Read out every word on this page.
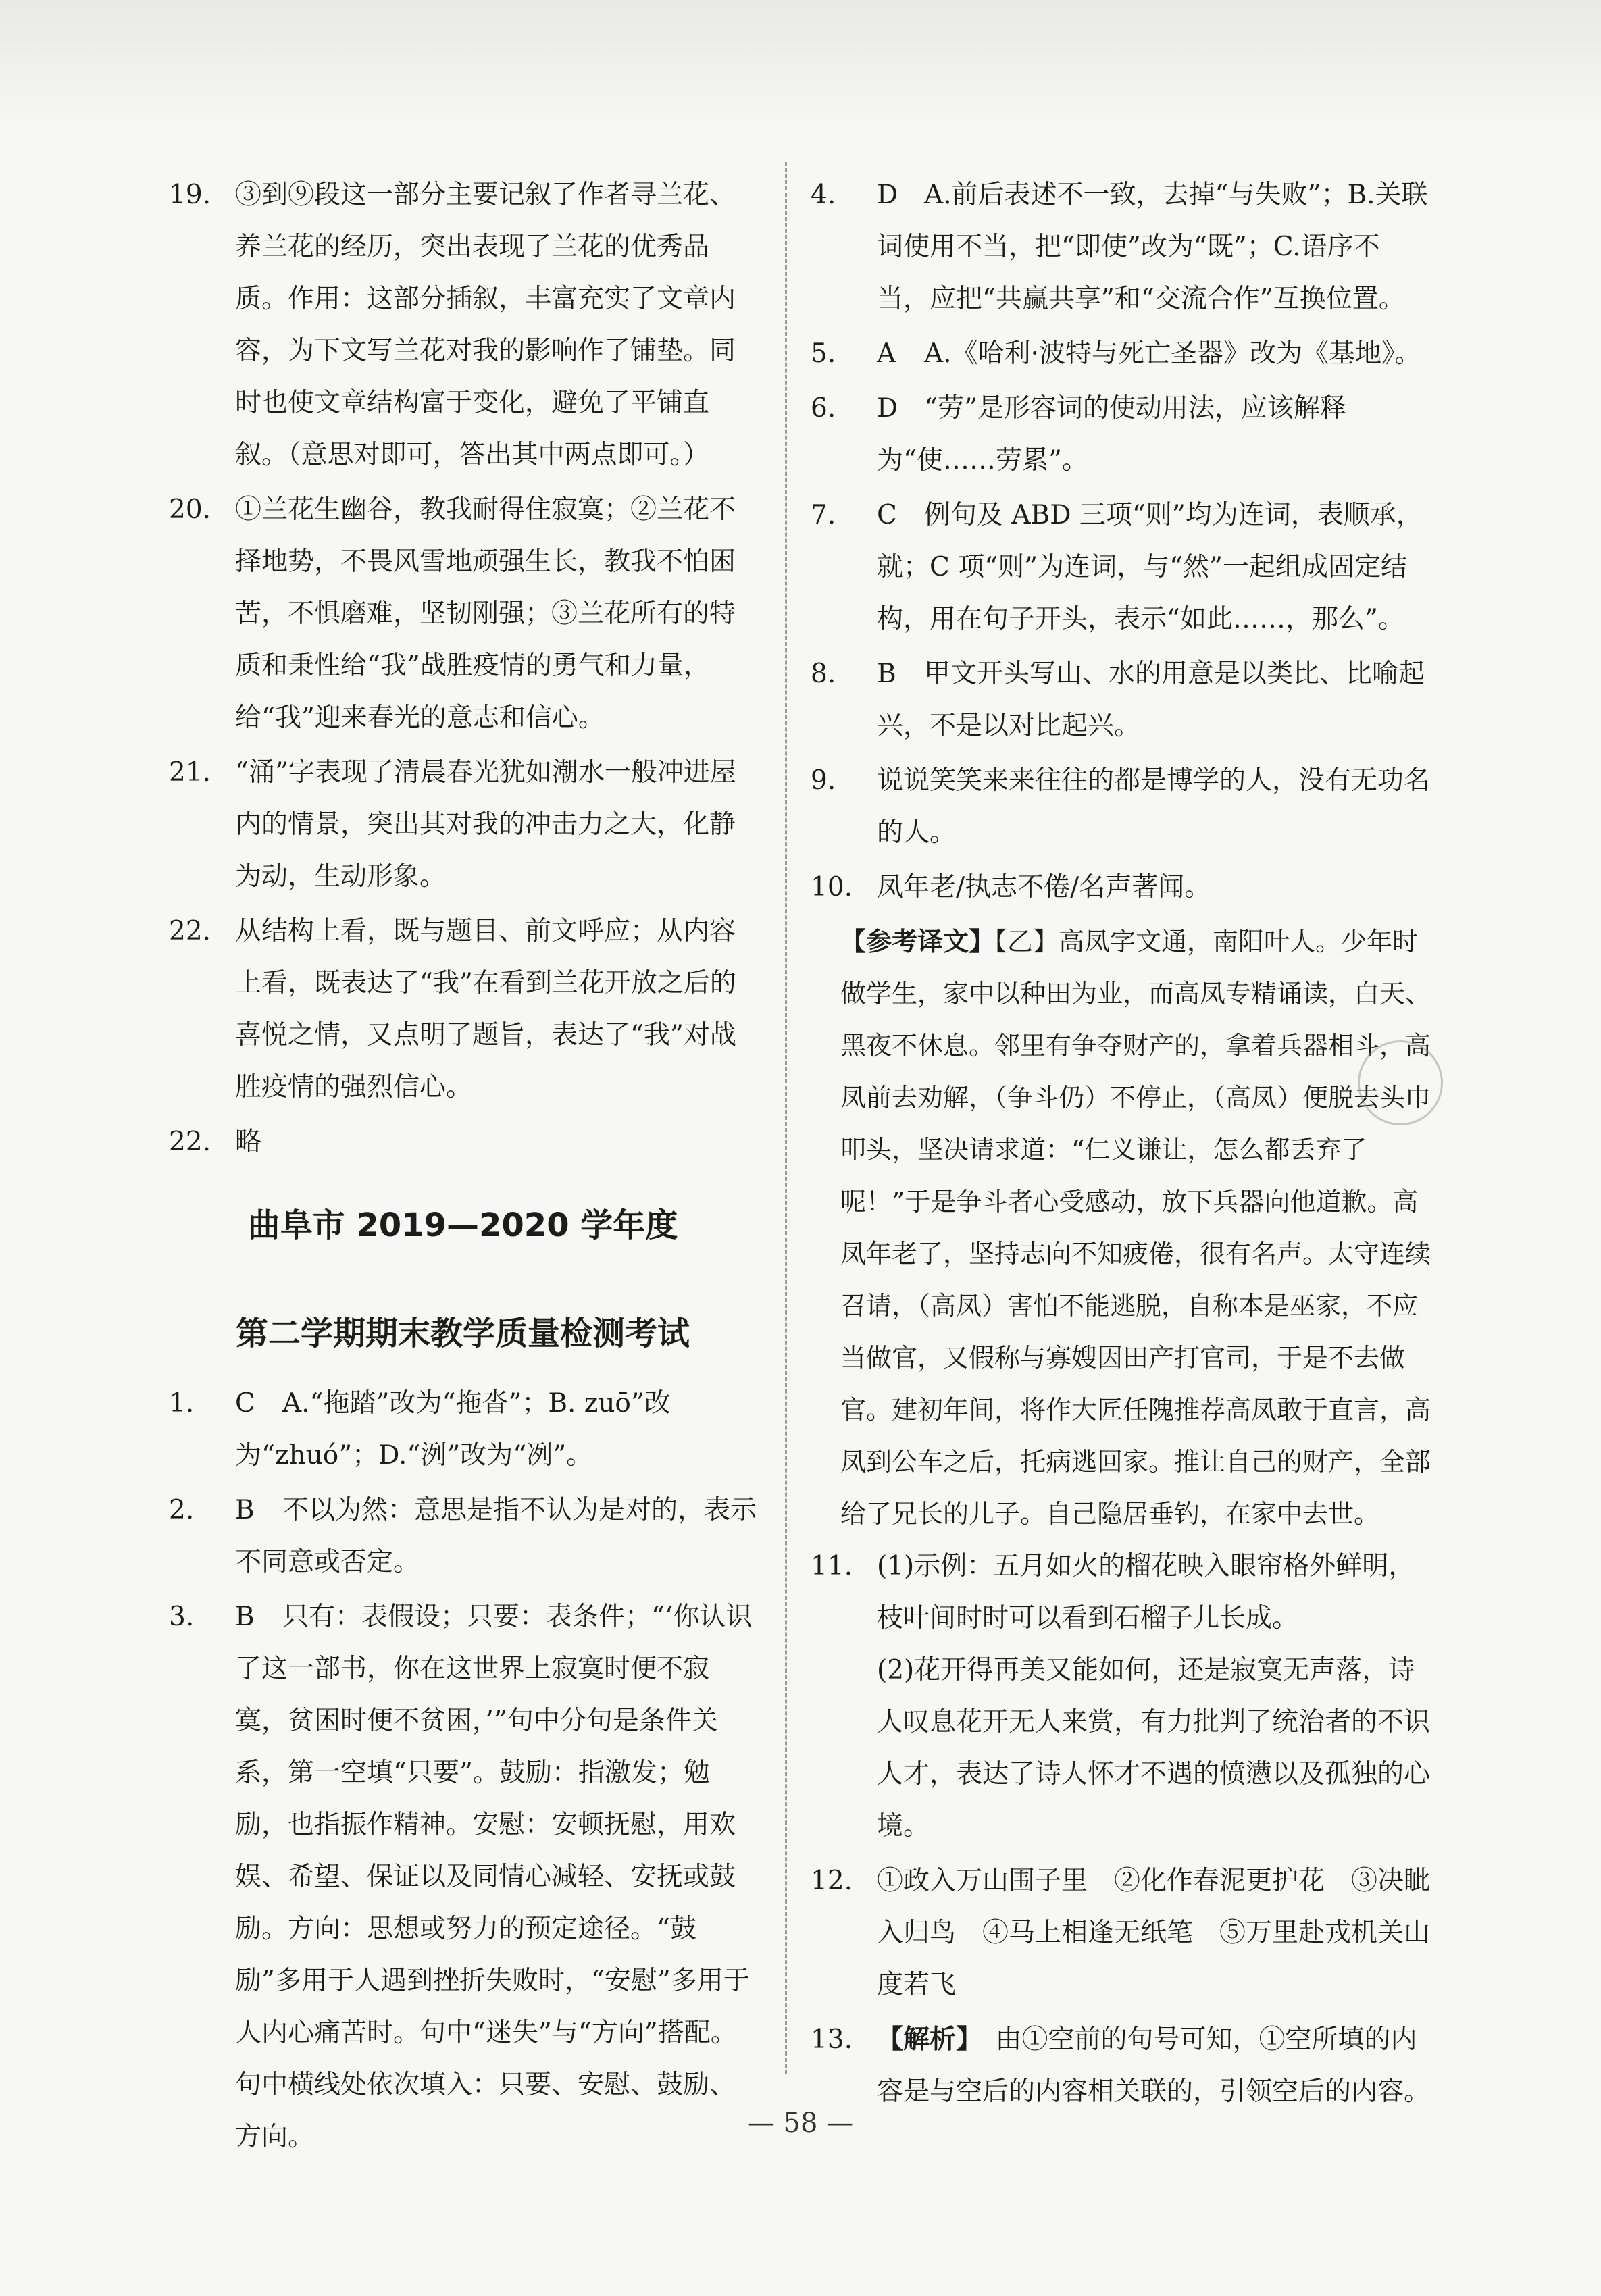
19. ③到⑨段这一部分主要记叙了作者寻兰花、养兰花的经历，突出表现了兰花的优秀品质。作用：这部分插叙，丰富充实了文章内容，为下文写兰花对我的影响作了铺垫。同时也使文章结构富于变化，避免了平铺直叙。（意思对即可，答出其中两点即可。）
20. ①兰花生幽谷，教我耐得住寂寞；②兰花不择地势，不畏风雪地顽强生长，教我不怕困苦，不惧磨难，坚韧刚强；③兰花所有的特质和秉性给“我”战胜疫情的勇气和力量，给“我”迎来春光的意志和信心。
21. “涌”字表现了清晨春光犹如潮水一般冲进屋内的情景，突出其对我的冲击力之大，化静为动，生动形象。
22. 从结构上看，既与题目、前文呼应；从内容上看，既表达了“我”在看到兰花开放之后的喜悦之情，又点明了题旨，表达了“我”对战胜疫情的强烈信心。
22. 略
曲阜市 2019—2020 学年度
第二学期期末教学质量检测考试
1. C A.“拖踏”改为“拖沓”；B. zuō”改为“zhuó”；D.“洌”改为“冽”。
2. B 不以为然：意思是指不认为是对的，表示不同意或否定。
3. B 只有：表假设；只要：表条件；“‘你认识了这一部书，你在这世界上寂寞时便不寂寞，贫困时便不贫困，’”句中分句是条件关系，第一空填“只要”。鼓励：指激发；勉励，也指振作精神。安慰：安顿抚慰，用欢娱、希望、保证以及同情心减轻、安抚或鼓励。方向：思想或努力的预定途径。“鼓励”多用于人遇到挫折失败时，“安慰”多用于人内心痛苦时。句中“迷失”与“方向”搭配。句中横线处依次填入：只要、安慰、鼓励、方向。
4. D A.前后表述不一致，去掉“与失败”；B.关联词使用不当，把“即使”改为“既”；C.语序不当，应把“共赢共享”和“交流合作”互换位置。
5. A A.《哈利·波特与死亡圣器》改为《基地》。
6. D “劳”是形容词的使动用法，应该解释为“使……劳累”。
7. C 例句及 ABD 三项“则”均为连词，表顺承，就；C 项“则”为连词，与“然”一起组成固定结构，用在句子开头，表示“如此……，那么”。
8. B 甲文开头写山、水的用意是以类比、比喻起兴，不是以对比起兴。
9. 说说笑笑来来往往的都是博学的人，没有无功名的人。
10. 凤年老/执志不倦/名声著闻。
【参考译文】【乙】高凤字文通，南阳叶人。少年时做学生，家中以种田为业，而高凤专精诵读，白天、黑夜不休息。邻里有争夺财产的，拿着兵器相斗，高凤前去劝解，（争斗仍）不停止，（高凤）便脱去头巾叩头，坚决请求道：“仁义谦让，怎么都丢弃了呢！”于是争斗者心受感动，放下兵器向他道歉。高凤年老了，坚持志向不知疲倦，很有名声。太守连续召请，（高凤）害怕不能逃脱，自称本是巫家，不应当做官，又假称与寡嫂因田产打官司，于是不去做官。建初年间，将作大匠任隗推荐高凤敢于直言，高凤到公车之后，托病逃回家。推让自己的财产，全部给了兄长的儿子。自己隐居垂钓，在家中去世。
11. (1)示例：五月如火的榴花映入眼帘格外鲜明，枝叶间时时可以看到石榴子儿长成。
(2)花开得再美又能如何，还是寂寞无声落，诗人叹息花开无人来赏，有力批判了统治者的不识人才，表达了诗人怀才不遇的愤懑以及孤独的心境。
12. ①政入万山围子里　②化作春泥更护花　③决眦入归鸟　④马上相逢无纸笔　⑤万里赴戎机关山度若飞
13. 【解析】　由①空前的句号可知，①空所填的内容是与空后的内容相关联的，引领空后的内容。
— 58 —
